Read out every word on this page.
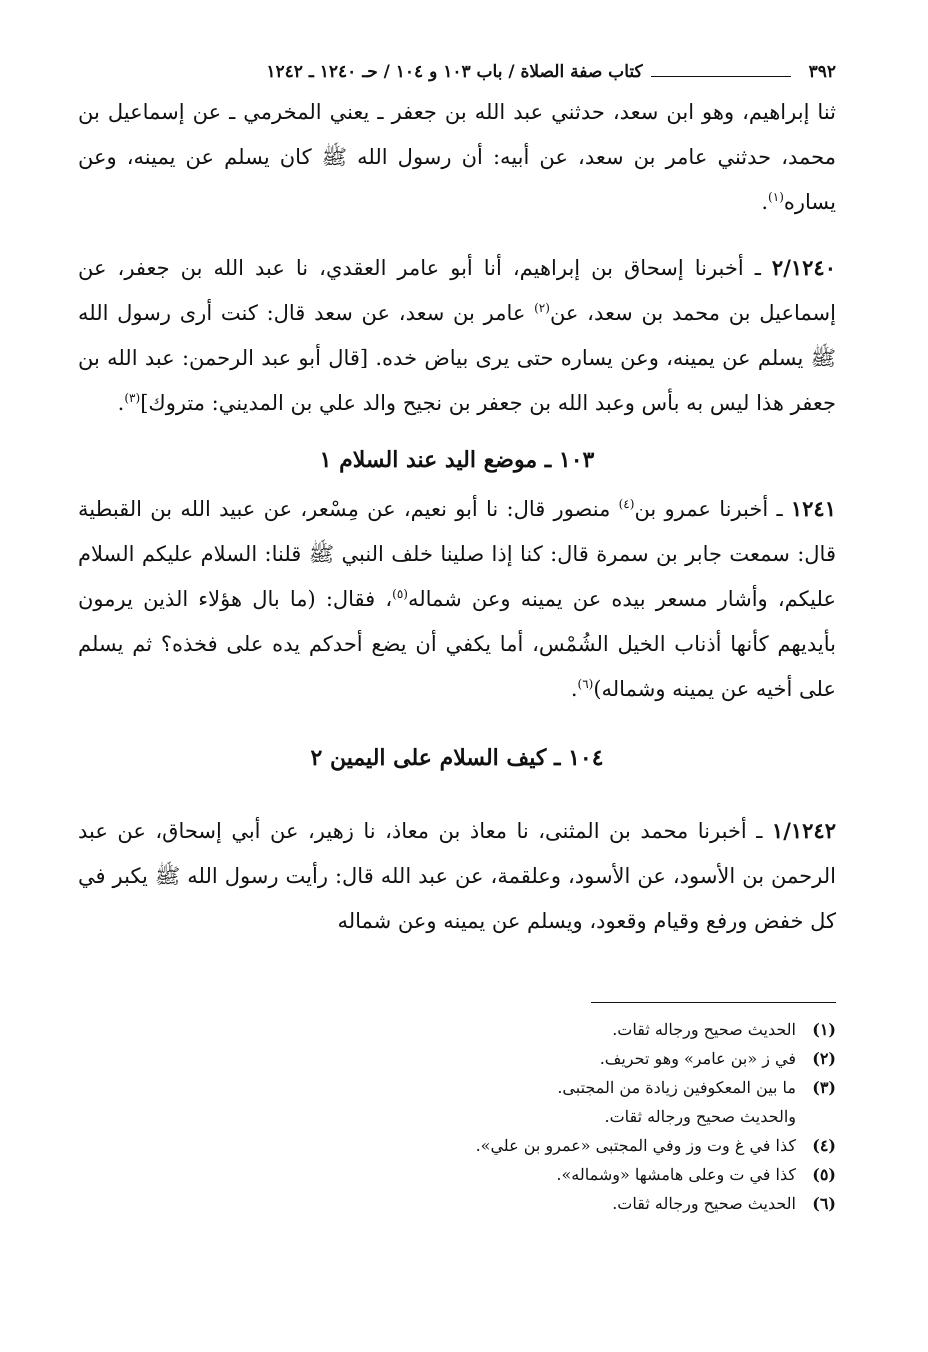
٣٩٢
كتاب صفة الصلاة / باب ١٠٣ و ١٠٤ / حـ ١٢٤٠ ـ ١٢٤٢

ثنا إبراهيم، وهو ابن سعد، حدثني عبد الله بن جعفر ـ يعني المخرمي ـ عن إسماعيل بن محمد، حدثني عامر بن سعد، عن أبيه: أن رسول الله ﷺ كان يسلم عن يمينه، وعن يساره$^{(١)}$.

٢/١٢٤٠ ـ أخبرنا إسحاق بن إبراهيم، أنا أبو عامر العقدي، نا عبد الله بن جعفر، عن إسماعيل بن محمد بن سعد، عن$^{(٢)}$ عامر بن سعد، عن سعد قال: كنت أرى رسول الله ﷺ يسلم عن يمينه، وعن يساره حتى يرى بياض خده. [قال أبو عبد الرحمن: عبد الله بن جعفر هذا ليس به بأس وعبد الله بن جعفر بن نجيح والد علي بن المديني: متروك]$^{(٣)}$.

١٠٣ ـ موضع اليد عند السلام ١

١٢٤١ ـ أخبرنا عمرو بن$^{(٤)}$ منصور قال: نا أبو نعيم، عن مِسْعر، عن عبيد الله بن القبطية قال: سمعت جابر بن سمرة قال: كنا إذا صلينا خلف النبي ﷺ قلنا: السلام عليكم السلام عليكم، وأشار مسعر بيده عن يمينه وعن شماله$^{(٥)}$، فقال: (ما بال هؤلاء الذين يرمون بأيديهم كأنها أذناب الخيل الشُمْس، أما يكفي أن يضع أحدكم يده على فخذه؟ ثم يسلم على أخيه عن يمينه وشماله)$^{(٦)}$.

١٠٤ ـ كيف السلام على اليمين ٢

١/١٢٤٢ ـ أخبرنا محمد بن المثنى، نا معاذ بن معاذ، نا زهير، عن أبي إسحاق، عن عبد الرحمن بن الأسود، عن الأسود، وعلقمة، عن عبد الله قال: رأيت رسول الله ﷺ يكبر في كل خفض ورفع وقيام وقعود، ويسلم عن يمينه وعن شماله

(١)
الحديث صحيح ورجاله ثقات.
(٢)
في ز «بن عامر» وهو تحريف.
(٣)
ما بين المعكوفين زيادة من المجتبى.
والحديث صحيح ورجاله ثقات.
(٤)
كذا في غ وت وز وفي المجتبى «عمرو بن علي».
(٥)
كذا في ت وعلى هامشها «وشماله».
(٦)
الحديث صحيح ورجاله ثقات.
